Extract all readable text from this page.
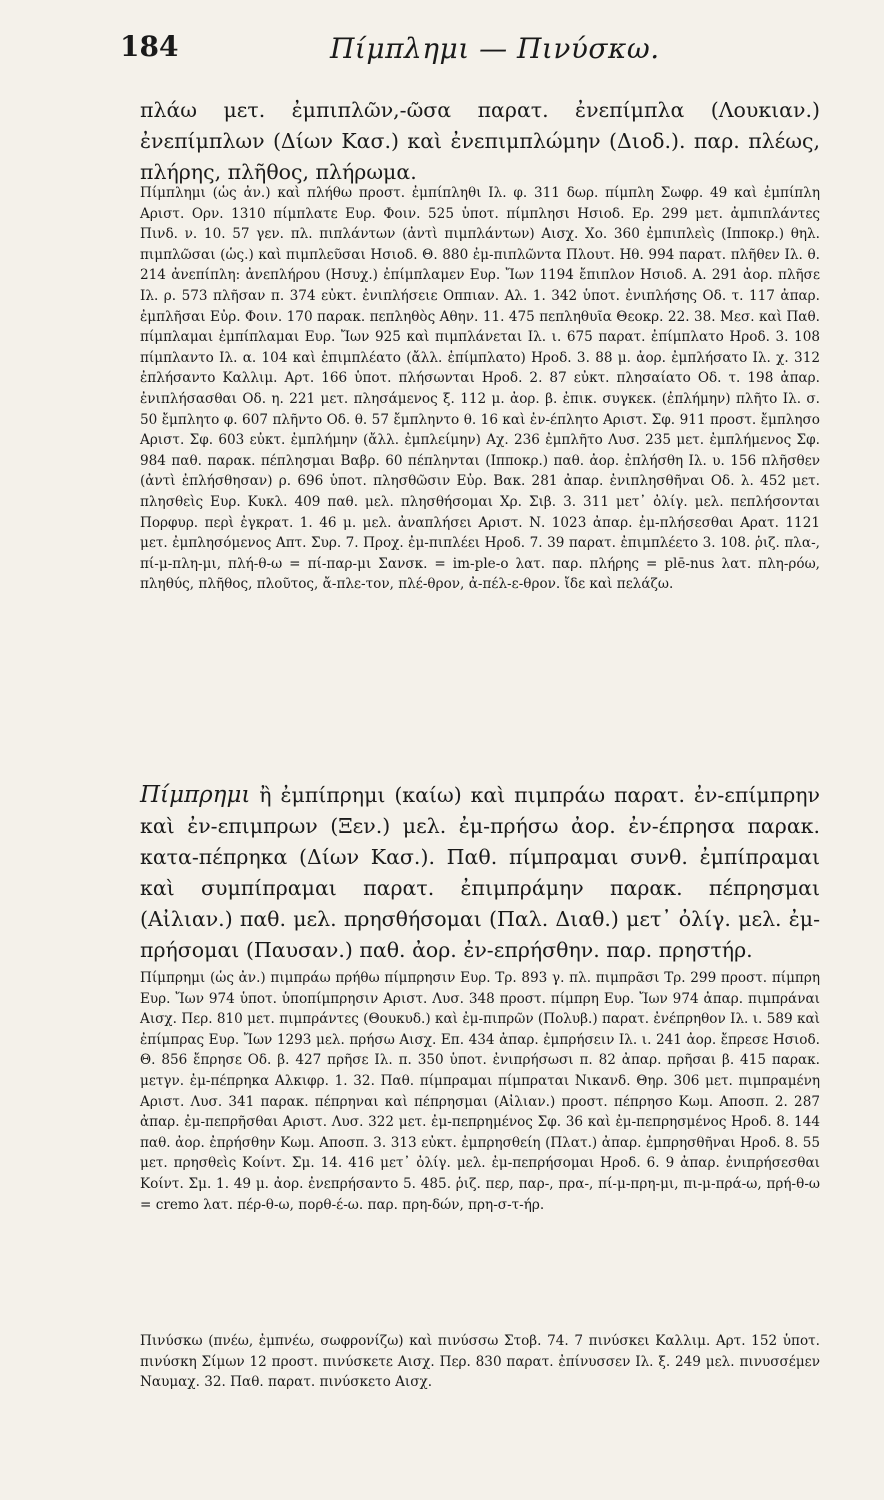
184	Πίμπλημι — Πινύσκω.

πλάω μετ. ἐμπιπλῶν,-ῶσα παρατ. ἐνεπίμπλα (Λουκιαν.) ἐνεπίμπλων (Δίων Κασ.) καὶ ἐνεπιμπλώμην (Διοδ.). παρ. πλέως, πλήρης, πλῆθος, πλήρωμα.

Πίμπλημι (ὡς ἀν.) καὶ πλήθω προστ. ἐμπίπληθι Ιλ. φ. 311 δωρ. πίμπλη Σωφρ. 49 καὶ ἐμπίπλη Αριστ. Ορν. 1310 πίμπλατε Ευρ. Φοιν. 525 ὑποτ. πίμπλησι Ησιοδ. Ερ. 299 μετ. ἀμπιπλάντες Πινδ. ν. 10. 57 γεν. πλ. πιπλάντων (ἀντὶ πιμπλάντων) Αισχ. Χο. 360 ἐμπιπλεὶς (Ιπποκρ.) θηλ. πιμπλῶσαι (ὡς.) καὶ πιμπλεῦσαι Ησιοδ. Θ. 880 ἐμ-πιπλῶντα Πλουτ. Ηθ. 994 παρατ. πλῆθεν Ιλ. θ. 214 ἀνεπίπλη: ἀνεπλήρου (Ησυχ.) ἐπίμπλαμεν Ευρ. Ἴων 1194 ἔπιπλον Ησιοδ. Α. 291 ἀορ. πλῆσε Ιλ. ρ. 573 πλῆσαν π. 374 εὐκτ. ἐνιπλήσειε Οππιαν. Αλ. 1. 342 ὑποτ. ἐνιπλήσης Οδ. τ. 117 ἀπαρ. ἐμπλῆσαι Εὐρ. Φοιν. 170 παρακ. πεπληθὸς Αθην. 11. 475 πεπληθυῖα Θεοκρ. 22. 38. Μεσ. καὶ Παθ. πίμπλαμαι ἐμπίπλαμαι Ευρ. Ἴων 925 καὶ πιμπλάνεται Ιλ. ι. 675 παρατ. ἐπίμπλατο Ηροδ. 3. 108 πίμπλαντο Ιλ. α. 104 καὶ ἐπιμπλέατο (ἄλλ. ἐπίμπλατο) Ηροδ. 3. 88 μ. ἀορ. ἐμπλήσατο Ιλ. χ. 312 ἐπλήσαντο Καλλιμ. Αρτ. 166 ὑποτ. πλήσωνται Ηροδ. 2. 87 εὐκτ. πλησαίατο Οδ. τ. 198 ἀπαρ. ἐνιπλήσασθαι Οδ. η. 221 μετ. πλησάμενος ξ. 112 μ. ἀορ. β. ἐπικ. συγκεκ. (ἐπλήμην) πλῆτο Ιλ. σ. 50 ἔμπλητο φ. 607 πλῆντο Οδ. θ. 57 ἔμπληντο θ. 16 καὶ ἐν-έπλητο Αριστ. Σφ. 911 προστ. ἔμπλησο Αριστ. Σφ. 603 εὐκτ. ἐμπλήμην (ἄλλ. ἐμπλείμην) Αχ. 236 ἐμπλῆτο Λυσ. 235 μετ. ἐμπλήμενος Σφ. 984 παθ. παρακ. πέπλησμαι Βαβρ. 60 πέπληνται (Ιπποκρ.) παθ. ἀορ. ἐπλήσθη Ιλ. υ. 156 πλῆσθεν (ἀντὶ ἐπλήσθησαν) ρ. 696 ὑποτ. πλησθῶσιν Εὐρ. Βακ. 281 ἀπαρ. ἐνιπλησθῆναι Οδ. λ. 452 μετ. πλησθεὶς Ευρ. Κυκλ. 409 παθ. μελ. πλησθήσομαι Χρ. Σιβ. 3. 311 μετ᾽ ὀλίγ. μελ. πεπλήσονται Πορφυρ. περὶ ἐγκρατ. 1. 46 μ. μελ. ἀναπλήσει Αριστ. Ν. 1023 ἀπαρ. ἐμ-πλήσεσθαι Αρατ. 1121 μετ. ἐμπλησόμενος Απτ. Συρ. 7. Προχ. ἐμ-πιπλέει Ηροδ. 7. 39 παρατ. ἐπιμπλέετο 3. 108. ῥιζ. πλα-, πί-μ-πλη-μι, πλή-θ-ω = πί-παρ-μι Σανσκ. = im-ple-o λατ. παρ. πλήρης = plē-nus λατ. πλη-ρόω, πληθύς, πλῆθος, πλοῦτος, ἄ-πλε-τον, πλέ-θρον, ἀ-πέλ-ε-θρον. ἴδε καὶ πελάζω.

Πίμπρημι ἢ ἐμπίπρημι (καίω) καὶ πιμπράω παρατ. ἐν-επίμπρην καὶ ἐν-επιμπρων (Ξεν.) μελ. ἐμ-πρήσω ἀορ. ἐν-έπρησα παρακ. κατα-πέπρηκα (Δίων Κασ.). Παθ. πίμπραμαι συνθ. ἐμπίπραμαι καὶ συμπίπραμαι παρατ. ἐπιμπράμην παρακ. πέπρησμαι (Αἰλιαν.) παθ. μελ. πρησθήσομαι (Παλ. Διαθ.) μετ᾽ ὀλίγ. μελ. ἐμ-πρήσομαι (Παυσαν.) παθ. ἀορ. ἐν-επρήσθην. παρ. πρηστήρ.

Πίμπρημι (ὡς ἀν.) πιμπράω πρήθω πίμπρησιν Ευρ. Τρ. 893 γ. πλ. πιμπρᾶσι Τρ. 299 προστ. πίμπρη Ευρ. Ἴων 974 ὑποτ. ὑποπίμπρησιν Αριστ. Λυσ. 348 προστ. πίμπρη Ευρ. Ἴων 974 ἀπαρ. πιμπράναι Αισχ. Περ. 810 μετ. πιμπράντες (Θουκυδ.) καὶ ἐμ-πιπρῶν (Πολυβ.) παρατ. ἐνέπρηθον Ιλ. ι. 589 καὶ ἐπίμπρας Ευρ. Ἴων 1293 μελ. πρήσω Αισχ. Επ. 434 ἀπαρ. ἐμπρήσειν Ιλ. ι. 241 ἀορ. ἔπρεσε Ησιοδ. Θ. 856 ἔπρησε Οδ. β. 427 πρῆσε Ιλ. π. 350 ὑποτ. ἐνιπρήσωσι π. 82 ἀπαρ. πρῆσαι β. 415 παρακ. μετγν. ἐμ-πέπρηκα Αλκιφρ. 1. 32. Παθ. πίμπραμαι πίμπραται Νικανδ. Θηρ. 306 μετ. πιμπραμένη Αριστ. Λυσ. 341 παρακ. πέπρηναι καὶ πέπρησμαι (Αἰλιαν.) προστ. πέπρησο Κωμ. Αποσπ. 2. 287 ἀπαρ. ἐμ-πεπρῆσθαι Αριστ. Λυσ. 322 μετ. ἐμ-πεπρημένος Σφ. 36 καὶ ἐμ-πεπρησμένος Ηροδ. 8. 144 παθ. ἀορ. ἐπρήσθην Κωμ. Αποσπ. 3. 313 εὐκτ. ἐμπρησθείη (Πλατ.) ἀπαρ. ἐμπρησθῆναι Ηροδ. 8. 55 μετ. πρησθεὶς Κοίντ. Σμ. 14. 416 μετ᾽ ὀλίγ. μελ. ἐμ-πεπρήσομαι Ηροδ. 6. 9 ἀπαρ. ἐνιπρήσεσθαι Κοίντ. Σμ. 1. 49 μ. ἀορ. ἐνεπρήσαντο 5. 485. ῥιζ. περ, παρ-, πρα-, πί-μ-πρη-μι, πι-μ-πρά-ω, πρή-θ-ω = cremo λατ. πέρ-θ-ω, πορθ-έ-ω. παρ. πρη-δών, πρη-σ-τ-ήρ.

Πινύσκω (πνέω, ἐμπνέω, σωφρονίζω) καὶ πινύσσω Στοβ. 74. 7 πινύσκει Καλλιμ. Αρτ. 152 ὑποτ. πινύσκη Σίμων 12 προστ. πινύσκετε Αισχ. Περ. 830 παρατ. ἐπίνυσσεν Ιλ. ξ. 249 μελ. πινυσσέμεν Ναυμαχ. 32. Παθ. παρατ. πινύσκετο Αισχ.
